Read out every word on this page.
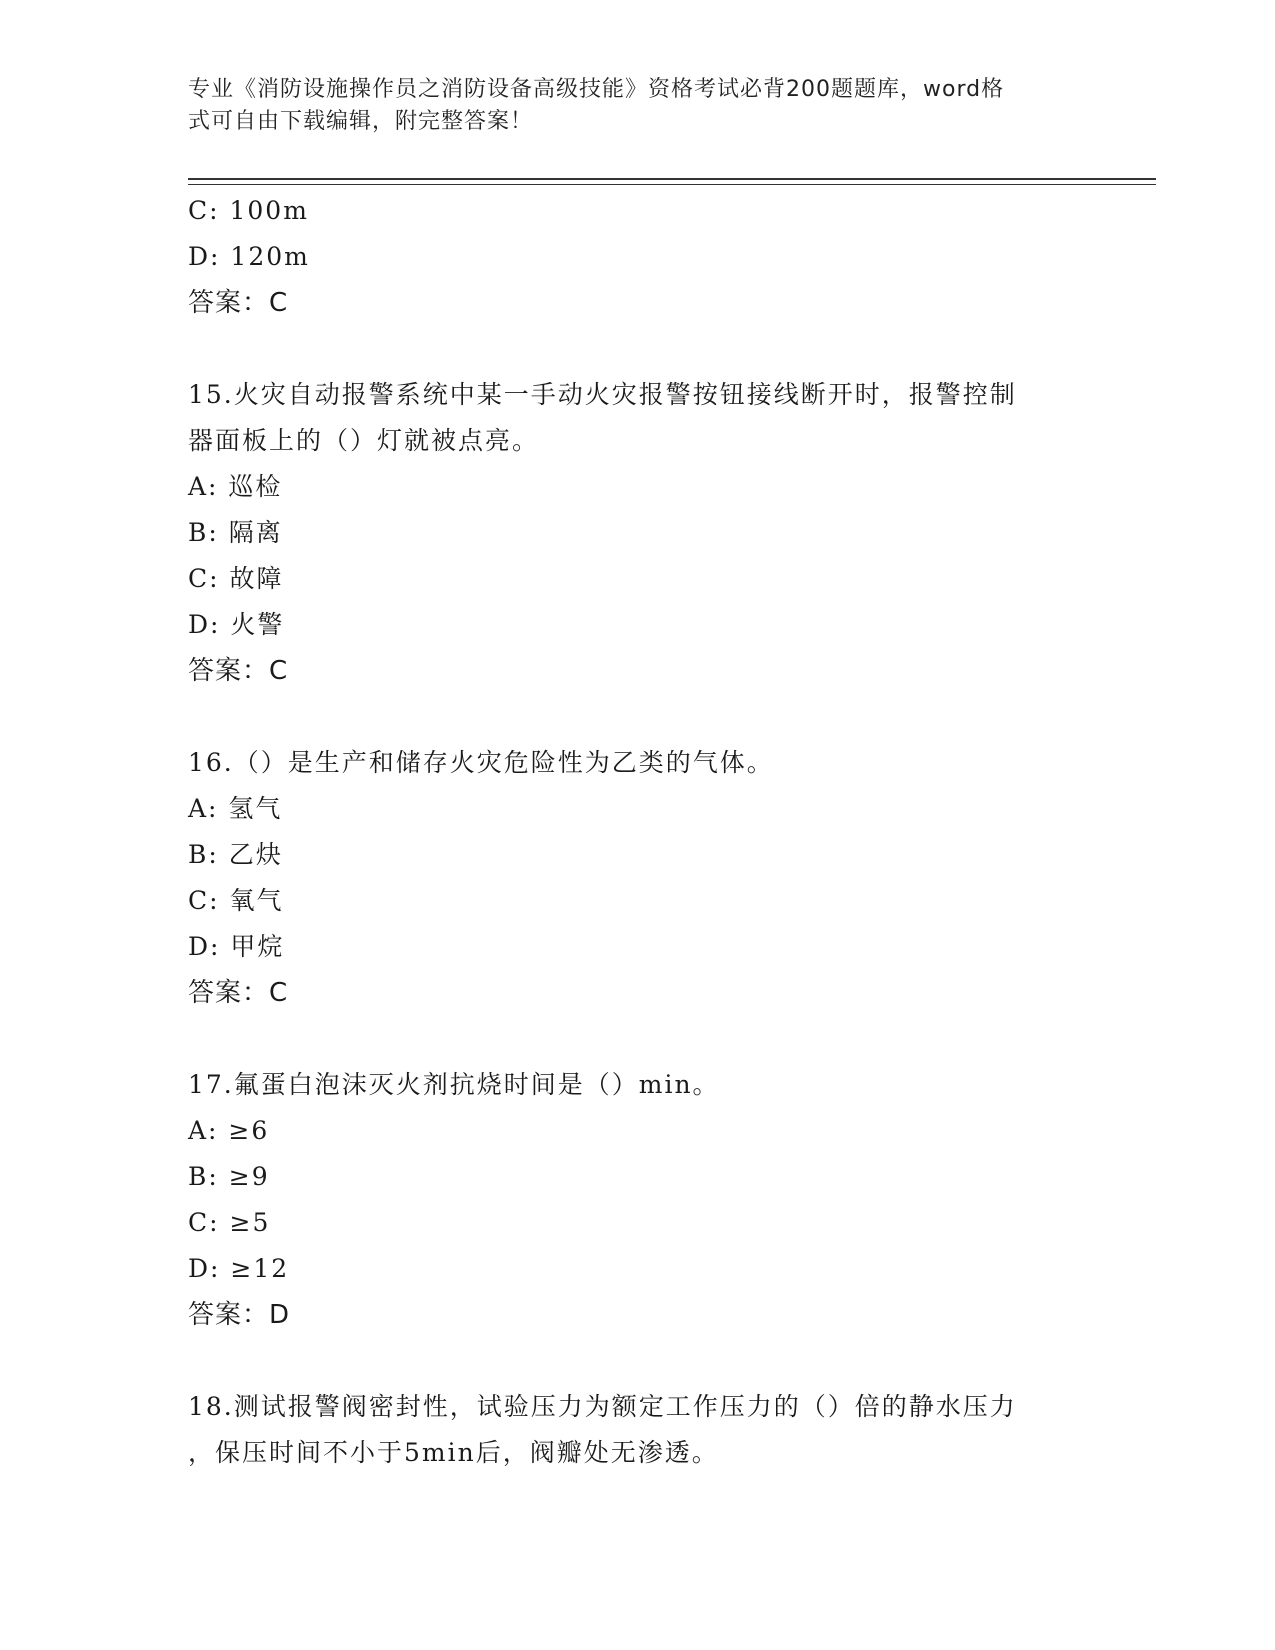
专业《消防设施操作员之消防设备高级技能》资格考试必背200题题库，word格
式可自由下载编辑，附完整答案！
C: 100m
D: 120m
答案：C
15.火灾自动报警系统中某一手动火灾报警按钮接线断开时，报警控制
器面板上的（）灯就被点亮。
A: 巡检
B: 隔离
C: 故障
D: 火警
答案：C
16.（）是生产和储存火灾危险性为乙类的气体。
A: 氢气
B: 乙炔
C: 氧气
D: 甲烷
答案：C
17.氟蛋白泡沫灭火剂抗烧时间是（）min。
A: ≥6
B: ≥9
C: ≥5
D: ≥12
答案：D
18.测试报警阀密封性，试验压力为额定工作压力的（）倍的静水压力
，保压时间不小于5min后，阀瓣处无渗透。
